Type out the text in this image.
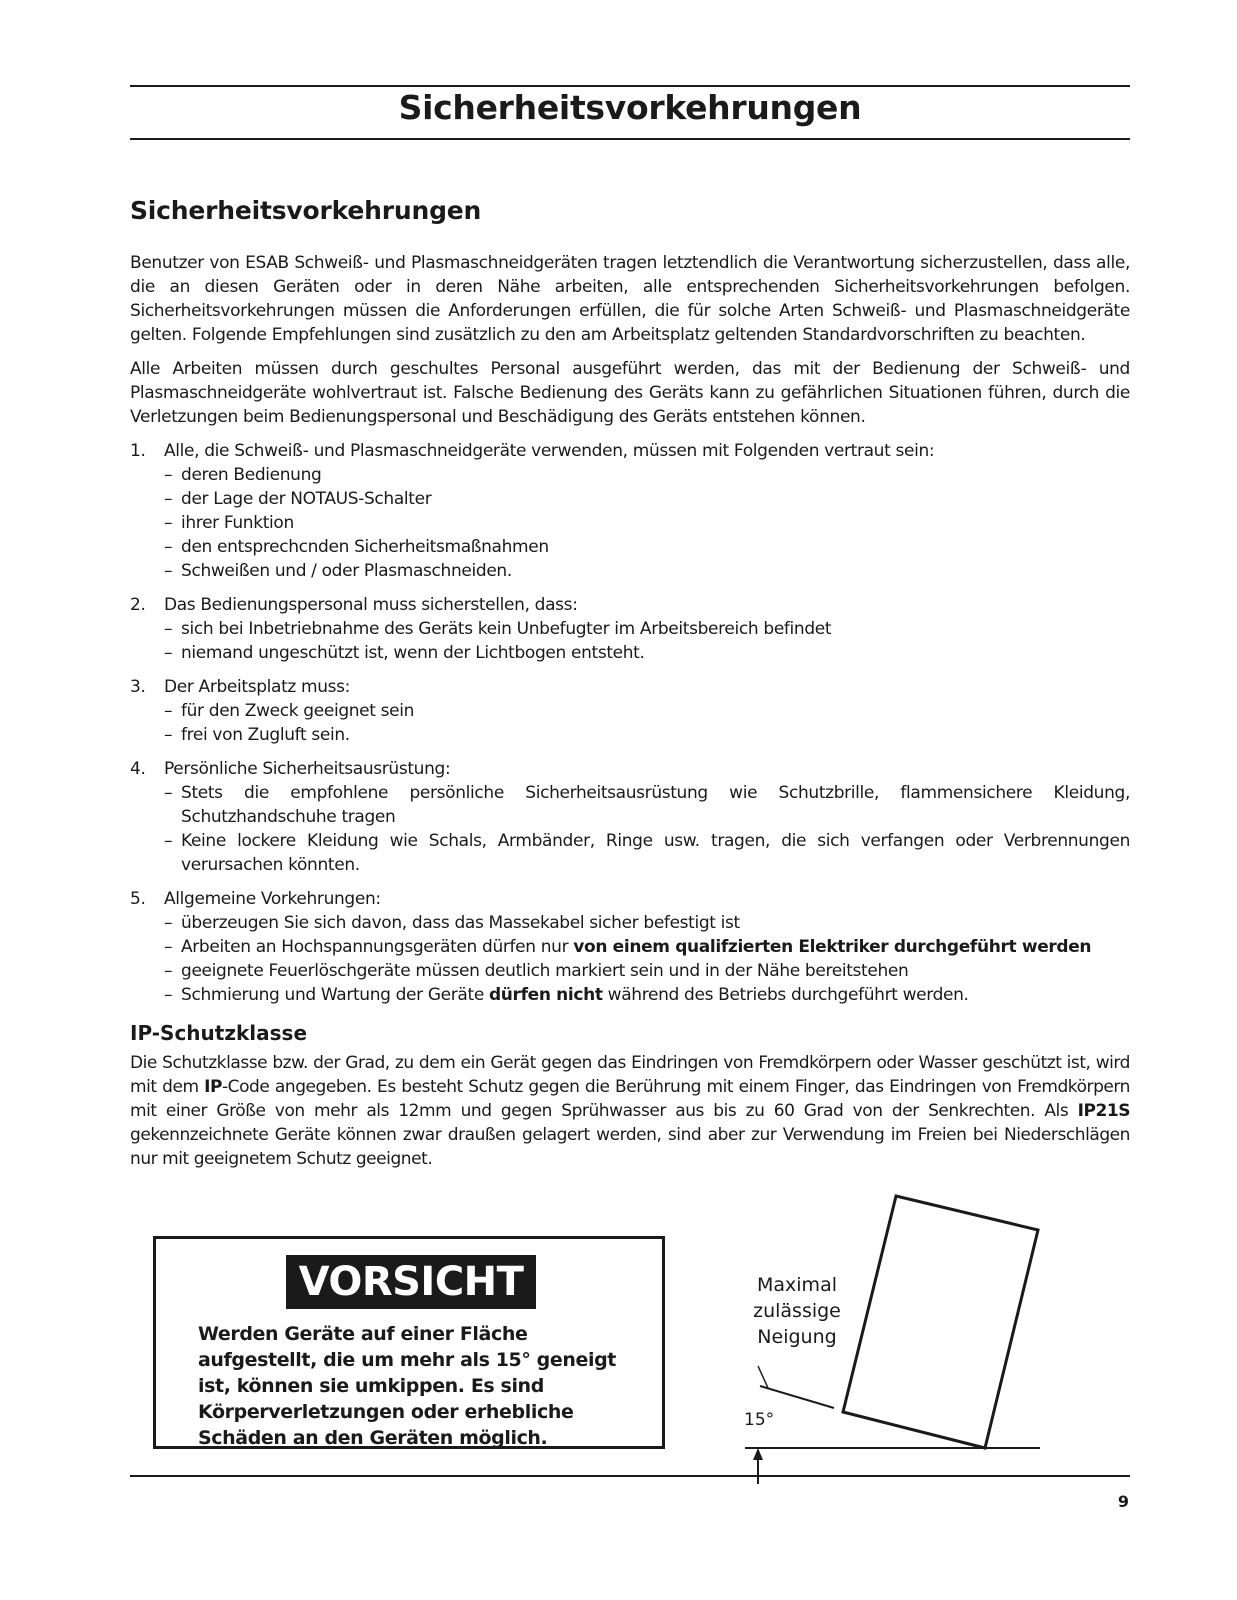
Sicherheitsvorkehrungen
Sicherheitsvorkehrungen

Benutzer von ESAB Schweiß- und Plasmaschneidgeräten tragen letztendlich die Verantwortung sicherzustellen, dass alle, die an diesen Geräten oder in deren Nähe arbeiten, alle entsprechenden Sicherheitsvorkehrungen befolgen. Sicherheitsvorkehrungen müssen die Anforderungen erfüllen, die für solche Arten Schweiß- und Plasmaschneidgeräte gelten. Folgende Empfehlungen sind zusätzlich zu den am Arbeitsplatz geltenden Standardvorschriften zu beachten.

Alle Arbeiten müssen durch geschultes Personal ausgeführt werden, das mit der Bedienung der Schweiß- und Plasmaschneidgeräte wohlvertraut ist. Falsche Bedienung des Geräts kann zu gefährlichen Situationen führen, durch die Verletzungen beim Bedienungspersonal und Beschädigung des Geräts entstehen können.

1. Alle, die Schweiß- und Plasmaschneidgeräte verwenden, müssen mit Folgenden vertraut sein:
– deren Bedienung
– der Lage der NOTAUS-Schalter
– ihrer Funktion
– den entsprechcnden Sicherheitsmaßnahmen
– Schweißen und / oder Plasmaschneiden.
2. Das Bedienungspersonal muss sicherstellen, dass:
– sich bei Inbetriebnahme des Geräts kein Unbefugter im Arbeitsbereich befindet
– niemand ungeschützt ist, wenn der Lichtbogen entsteht.
3. Der Arbeitsplatz muss:
– für den Zweck geeignet sein
– frei von Zugluft sein.
4. Persönliche Sicherheitsausrüstung:
– Stets die empfohlene persönliche Sicherheitsausrüstung wie Schutzbrille, flammensichere Kleidung, Schutzhandschuhe tragen
– Keine lockere Kleidung wie Schals, Armbänder, Ringe usw. tragen, die sich verfangen oder Verbrennungen verursachen könnten.
5. Allgemeine Vorkehrungen:
– überzeugen Sie sich davon, dass das Massekabel sicher befestigt ist
– Arbeiten an Hochspannungsgeräten dürfen nur von einem qualifzierten Elektriker durchgeführt werden
– geeignete Feuerlöschgeräte müssen deutlich markiert sein und in der Nähe bereitstehen
– Schmierung und Wartung der Geräte dürfen nicht während des Betriebs durchgeführt werden.
IP-Schutzklasse

Die Schutzklasse bzw. der Grad, zu dem ein Gerät gegen das Eindringen von Fremdkörpern oder Wasser geschützt ist, wird mit dem IP-Code angegeben. Es besteht Schutz gegen die Berührung mit einem Finger, das Eindringen von Fremdkörpern mit einer Größe von mehr als 12mm und gegen Sprühwasser aus bis zu 60 Grad von der Senkrechten. Als IP21S gekennzeichnete Geräte können zwar draußen gelagert werden, sind aber zur Verwendung im Freien bei Niederschlägen nur mit geeignetem Schutz geeignet.

VORSICHT
Werden Geräte auf einer Fläche aufgestellt, die um mehr als 15° geneigt ist, können sie umkippen. Es sind Körperverletzungen oder erhebliche Schäden an den Geräten möglich.
Maximal
zulässige
Neigung
15°
9
